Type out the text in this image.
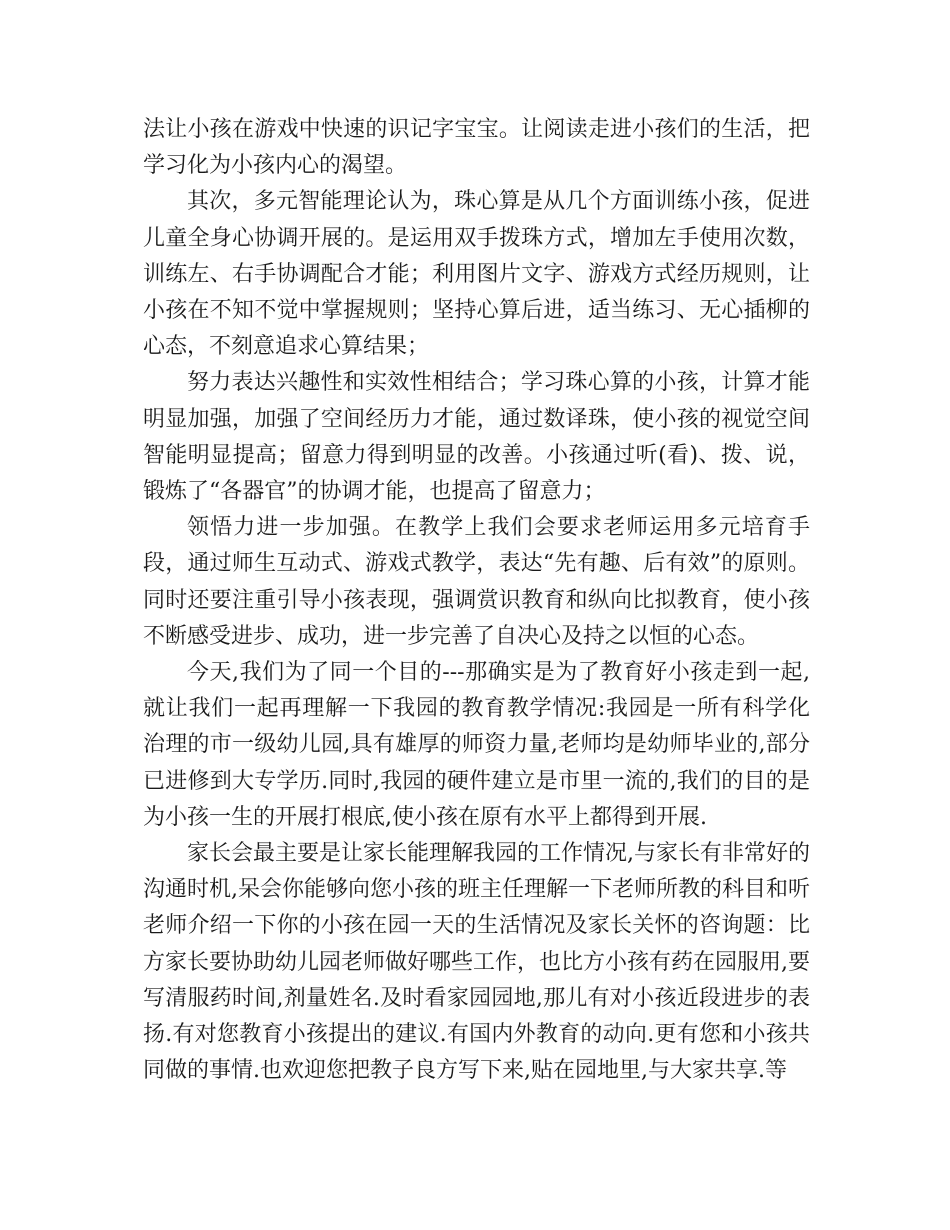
法让小孩在游戏中快速的识记字宝宝。让阅读走进小孩们的生活，把学习化为小孩内心的渴望。

其次，多元智能理论认为，珠心算是从几个方面训练小孩，促进儿童全身心协调开展的。是运用双手拨珠方式，增加左手使用次数，训练左、右手协调配合才能；利用图片文字、游戏方式经历规则，让小孩在不知不觉中掌握规则；坚持心算后进，适当练习、无心插柳的心态，不刻意追求心算结果；

努力表达兴趣性和实效性相结合；学习珠心算的小孩，计算才能明显加强，加强了空间经历力才能，通过数译珠，使小孩的视觉空间智能明显提高；留意力得到明显的改善。小孩通过听(看)、拨、说，锻炼了“各器官”的协调才能，也提高了留意力；

领悟力进一步加强。在教学上我们会要求老师运用多元培育手段，通过师生互动式、游戏式教学，表达“先有趣、后有效”的原则。同时还要注重引导小孩表现，强调赏识教育和纵向比拟教育，使小孩不断感受进步、成功，进一步完善了自决心及持之以恒的心态。

今天,我们为了同一个目的---那确实是为了教育好小孩走到一起,就让我们一起再理解一下我园的教育教学情况:我园是一所有科学化治理的市一级幼儿园,具有雄厚的师资力量,老师均是幼师毕业的,部分已进修到大专学历.同时,我园的硬件建立是市里一流的,我们的目的是为小孩一生的开展打根底,使小孩在原有水平上都得到开展.

家长会最主要是让家长能理解我园的工作情况,与家长有非常好的沟通时机,呆会你能够向您小孩的班主任理解一下老师所教的科目和听老师介绍一下你的小孩在园一天的生活情况及家长关怀的咨询题：比方家长要协助幼儿园老师做好哪些工作，也比方小孩有药在园服用,要写清服药时间,剂量姓名.及时看家园园地,那儿有对小孩近段进步的表扬.有对您教育小孩提出的建议.有国内外教育的动向.更有您和小孩共同做的事情.也欢迎您把教子良方写下来,贴在园地里,与大家共享.等
